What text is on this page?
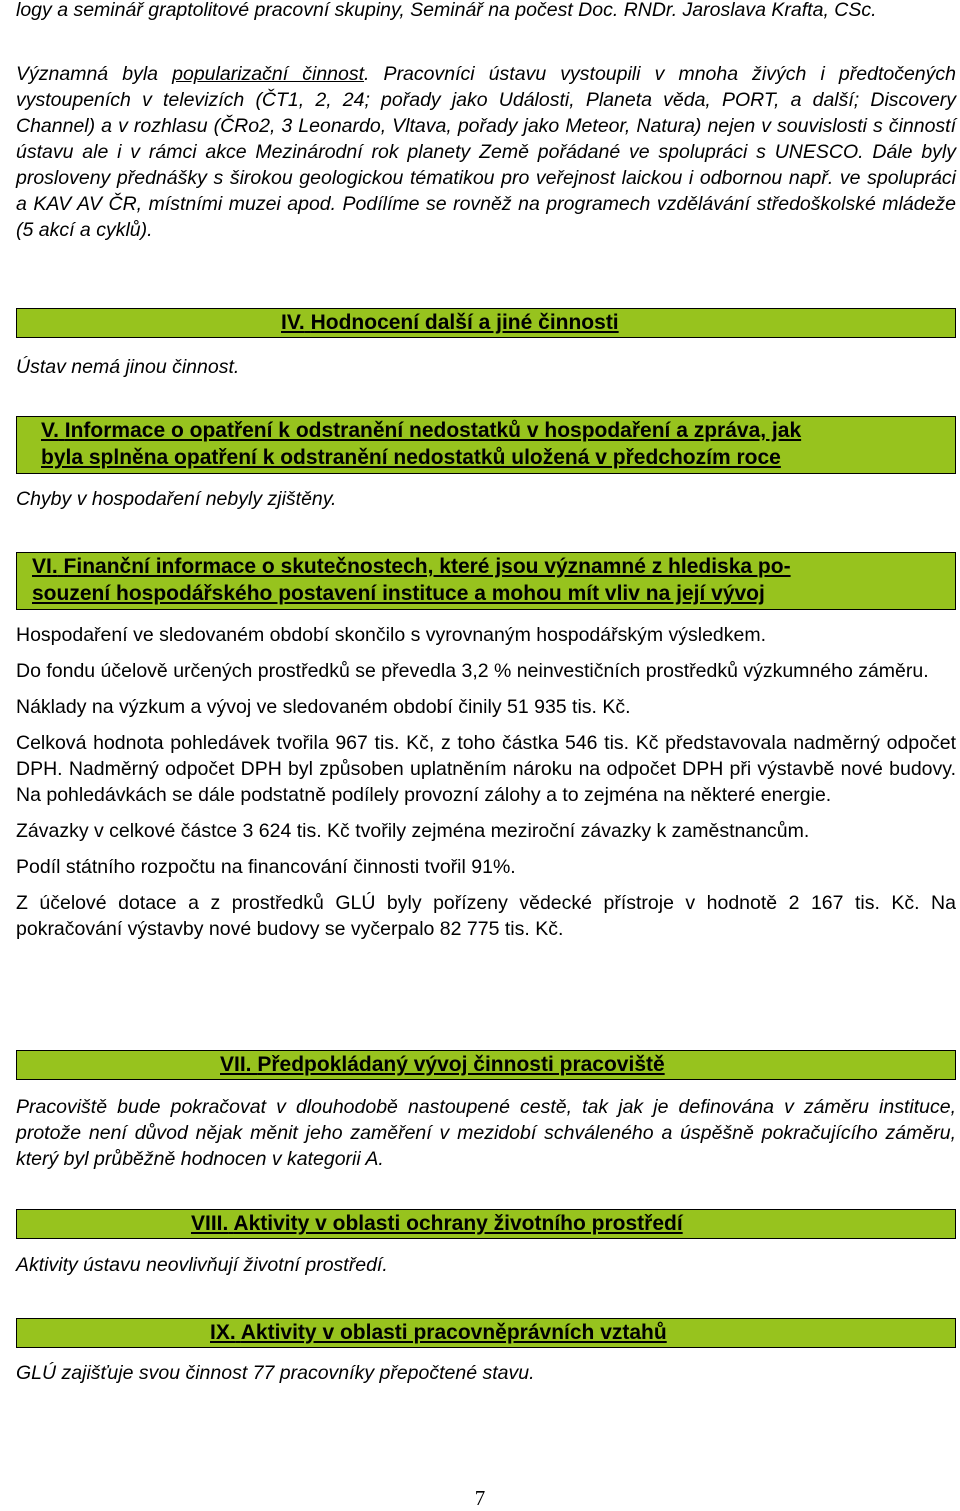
logy a seminář graptolitové pracovní skupiny, Seminář na počest Doc. RNDr. Jaroslava Krafta, CSc.

Významná byla popularizační činnost. Pracovníci ústavu vystoupili v mnoha živých i předtočených vystoupeních v televizích (ČT1, 2, 24; pořady jako Události, Planeta věda, PORT, a další; Discovery Channel) a v rozhlasu (ČRo2, 3 Leonardo, Vltava, pořady jako Meteor, Natura) nejen v souvislosti s činností ústavu ale i v rámci akce Mezinárodní rok planety Země pořádané ve spolupráci s UNESCO. Dále byly prosloveny přednášky s širokou geologickou tématikou pro veřejnost laickou i odbornou např. ve spolupráci a KAV AV ČR, místními muzei apod. Podílíme se rovněž na programech vzdělávání středoškolské mládeže (5 akcí a cyklů).

IV. Hodnocení další a jiné činnosti

Ústav nemá jinou činnost.

V. Informace o opatření k odstranění nedostatků v hospodaření a zpráva, jak

byla splněna opatření k odstranění nedostatků uložená v předchozím roce

Chyby v hospodaření nebyly zjištěny.

VI. Finanční informace o skutečnostech, které jsou významné z hlediska po-

souzení hospodářského postavení instituce a mohou mít vliv na její vývoj

Hospodaření ve sledovaném období skončilo s vyrovnaným hospodářským výsledkem.

Do fondu účelově určených prostředků se převedla 3,2 % neinvestičních prostředků výzkumného záměru.

Náklady na výzkum a vývoj ve sledovaném období činily 51 935 tis. Kč.

Celková hodnota pohledávek tvořila 967 tis. Kč, z toho částka 546 tis. Kč představovala nadměrný odpočet DPH. Nadměrný odpočet DPH byl způsoben uplatněním nároku na odpočet DPH při výstavbě nové budovy. Na pohledávkách se dále podstatně podílely provozní zálohy a to zejména na některé energie.

Závazky v celkové částce 3 624 tis. Kč tvořily zejména meziroční závazky k zaměstnancům.

Podíl státního rozpočtu na financování činnosti tvořil 91%.

Z účelové dotace a z prostředků GLÚ byly pořízeny vědecké přístroje v hodnotě 2 167 tis. Kč. Na pokračování výstavby nové budovy se vyčerpalo 82 775 tis. Kč.

VII. Předpokládaný vývoj činnosti pracoviště

Pracoviště bude pokračovat v dlouhodobě nastoupené cestě, tak jak je definována v záměru instituce, protože není důvod nějak měnit jeho zaměření v mezidobí schváleného a úspěšně pokračujícího záměru, který byl průběžně hodnocen v kategorii A.

VIII. Aktivity v oblasti ochrany životního prostředí

Aktivity ústavu neovlivňují životní prostředí.

IX. Aktivity v oblasti pracovněprávních vztahů

GLÚ zajišťuje svou činnost 77 pracovníky přepočtené stavu.

7
